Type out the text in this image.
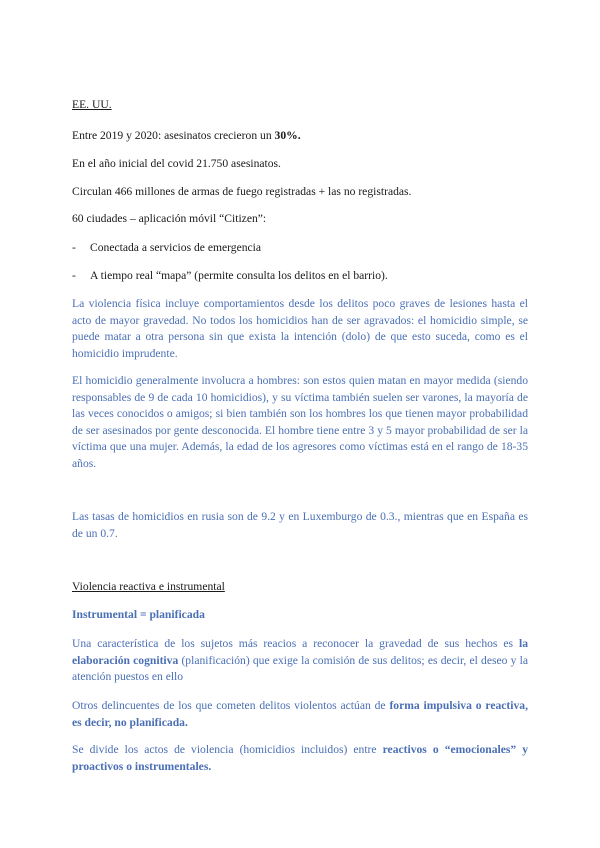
EE. UU.

Entre 2019 y 2020: asesinatos crecieron un 30%.

En el año inicial del covid 21.750 asesinatos.

Circulan 466 millones de armas de fuego registradas + las no registradas.

60 ciudades – aplicación móvil “Citizen”:

- Conectada a servicios de emergencia
- A tiempo real “mapa” (permite consulta los delitos en el barrio).

La violencia física incluye comportamientos desde los delitos poco graves de lesiones hasta el acto de mayor gravedad. No todos los homicidios han de ser agravados: el homicidio simple, se puede matar a otra persona sin que exista la intención (dolo) de que esto suceda, como es el homicidio imprudente.

El homicidio generalmente involucra a hombres: son estos quien matan en mayor medida (siendo responsables de 9 de cada 10 homicidios), y su víctima también suelen ser varones, la mayoría de las veces conocidos o amigos; si bien también son los hombres los que tienen mayor probabilidad de ser asesinados por gente desconocida. El hombre tiene entre 3 y 5 mayor probabilidad de ser la víctima que una mujer. Además, la edad de los agresores como víctimas está en el rango de 18-35 años.

Las tasas de homicidios en rusia son de 9.2 y en Luxemburgo de 0.3., mientras que en España es de un 0.7.

Violencia reactiva e instrumental

Instrumental = planificada

Una característica de los sujetos más reacios a reconocer la gravedad de sus hechos es la elaboración cognitiva (planificación) que exige la comisión de sus delitos; es decir, el deseo y la atención puestos en ello

Otros delincuentes de los que cometen delitos violentos actúan de forma impulsiva o reactiva, es decir, no planificada.

Se divide los actos de violencia (homicidios incluidos) entre reactivos o “emocionales” y proactivos o instrumentales.
